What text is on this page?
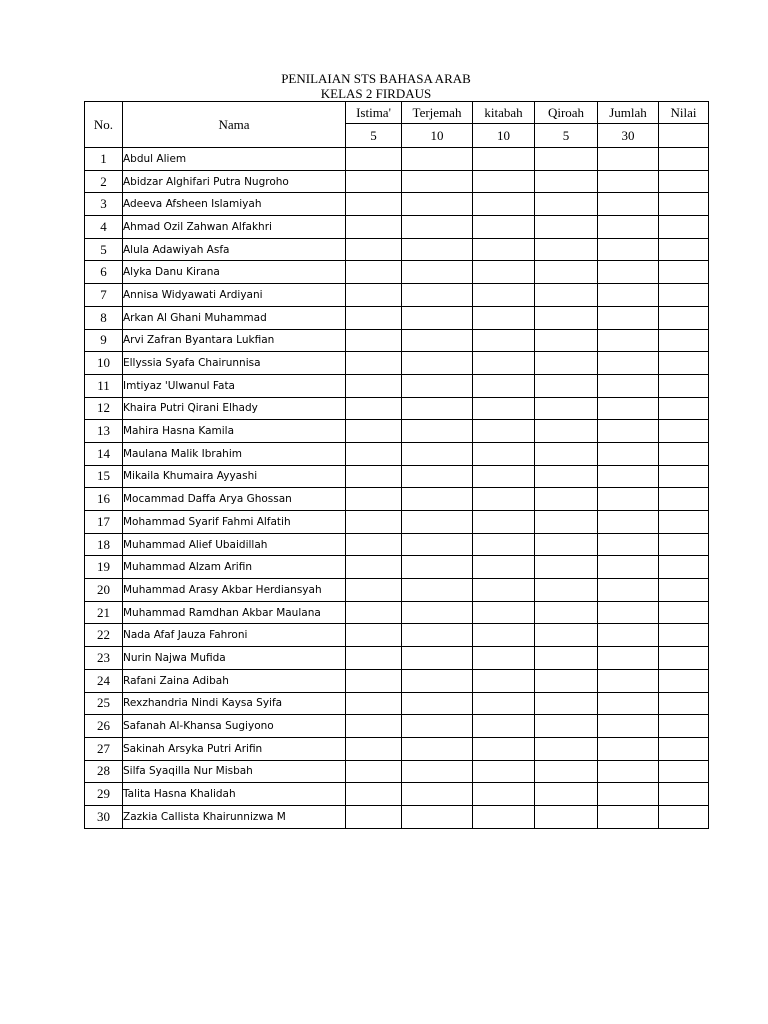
PENILAIAN STS BAHASA ARAB
KELAS 2 FIRDAUS
No.	Nama	Istima'	Terjemah	kitabah	Qiroah	Jumlah	Nilai
		5	10	10	5	30	
1	Abdul Aliem						
2	Abidzar Alghifari Putra Nugroho						
3	Adeeva Afsheen Islamiyah						
4	Ahmad Ozil Zahwan Alfakhri						
5	Alula Adawiyah Asfa						
6	Alyka Danu Kirana						
7	Annisa Widyawati Ardiyani						
8	Arkan Al Ghani Muhammad						
9	Arvi Zafran Byantara Lukfian						
10	Ellyssia Syafa Chairunnisa						
11	Imtiyaz 'Ulwanul Fata						
12	Khaira Putri Qirani Elhady						
13	Mahira Hasna Kamila						
14	Maulana Malik Ibrahim						
15	Mikaila Khumaira Ayyashi						
16	Mocammad Daffa Arya Ghossan						
17	Mohammad Syarif Fahmi Alfatih						
18	Muhammad Alief Ubaidillah						
19	Muhammad Alzam Arifin						
20	Muhammad Arasy Akbar Herdiansyah						
21	Muhammad Ramdhan Akbar Maulana						
22	Nada Afaf Jauza Fahroni						
23	Nurin Najwa Mufida						
24	Rafani Zaina Adibah						
25	Rexzhandria Nindi Kaysa Syifa						
26	Safanah Al-Khansa Sugiyono						
27	Sakinah Arsyka Putri Arifin						
28	Silfa Syaqilla Nur Misbah						
29	Talita Hasna Khalidah						
30	Zazkia Callista Khairunnizwa M						
